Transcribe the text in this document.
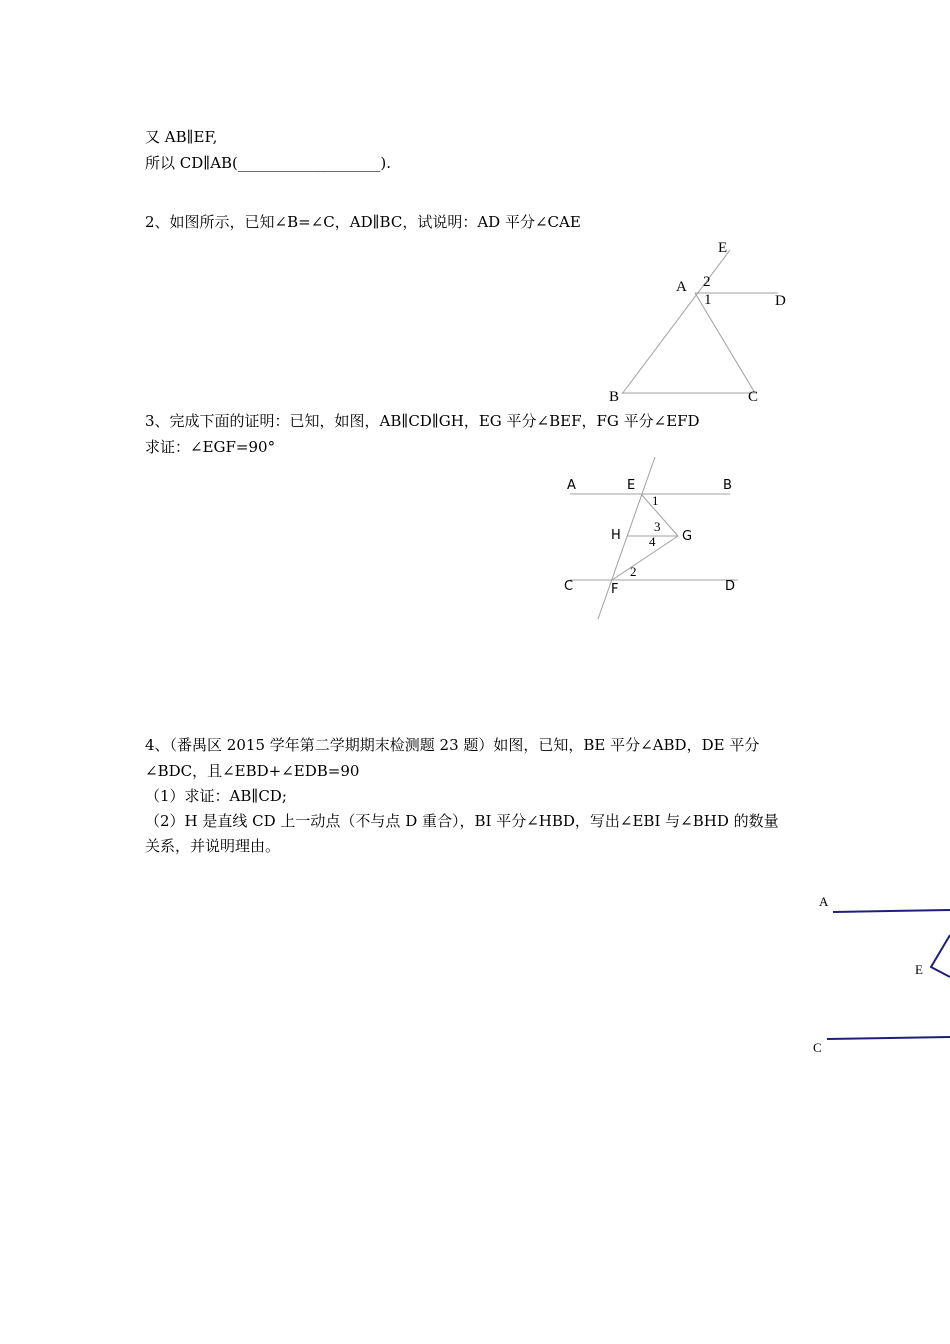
又 AB∥EF,
所以 CD∥AB(___________________).
2、如图所示，已知∠B=∠C，AD∥BC，试说明：AD 平分∠CAE
E
A 2
1	D
B	C
3、完成下面的证明：已知，如图，AB∥CD∥GH，EG 平分∠BEF，FG 平分∠EFD
求证：∠EGF=90°
A	E	B
1
H
3
G
4
2
C	F	D
4、（番禺区 2015 学年第二学期期末检测题 23 题）如图，已知，BE 平分∠ABD，DE 平分
∠BDC，且∠EBD+∠EDB=90
（1）求证：AB∥CD;
（2）H 是直线 CD 上一动点（不与点 D 重合），BI 平分∠HBD，写出∠EBI 与∠BHD 的数量
关系，并说明理由。
A
E
C
